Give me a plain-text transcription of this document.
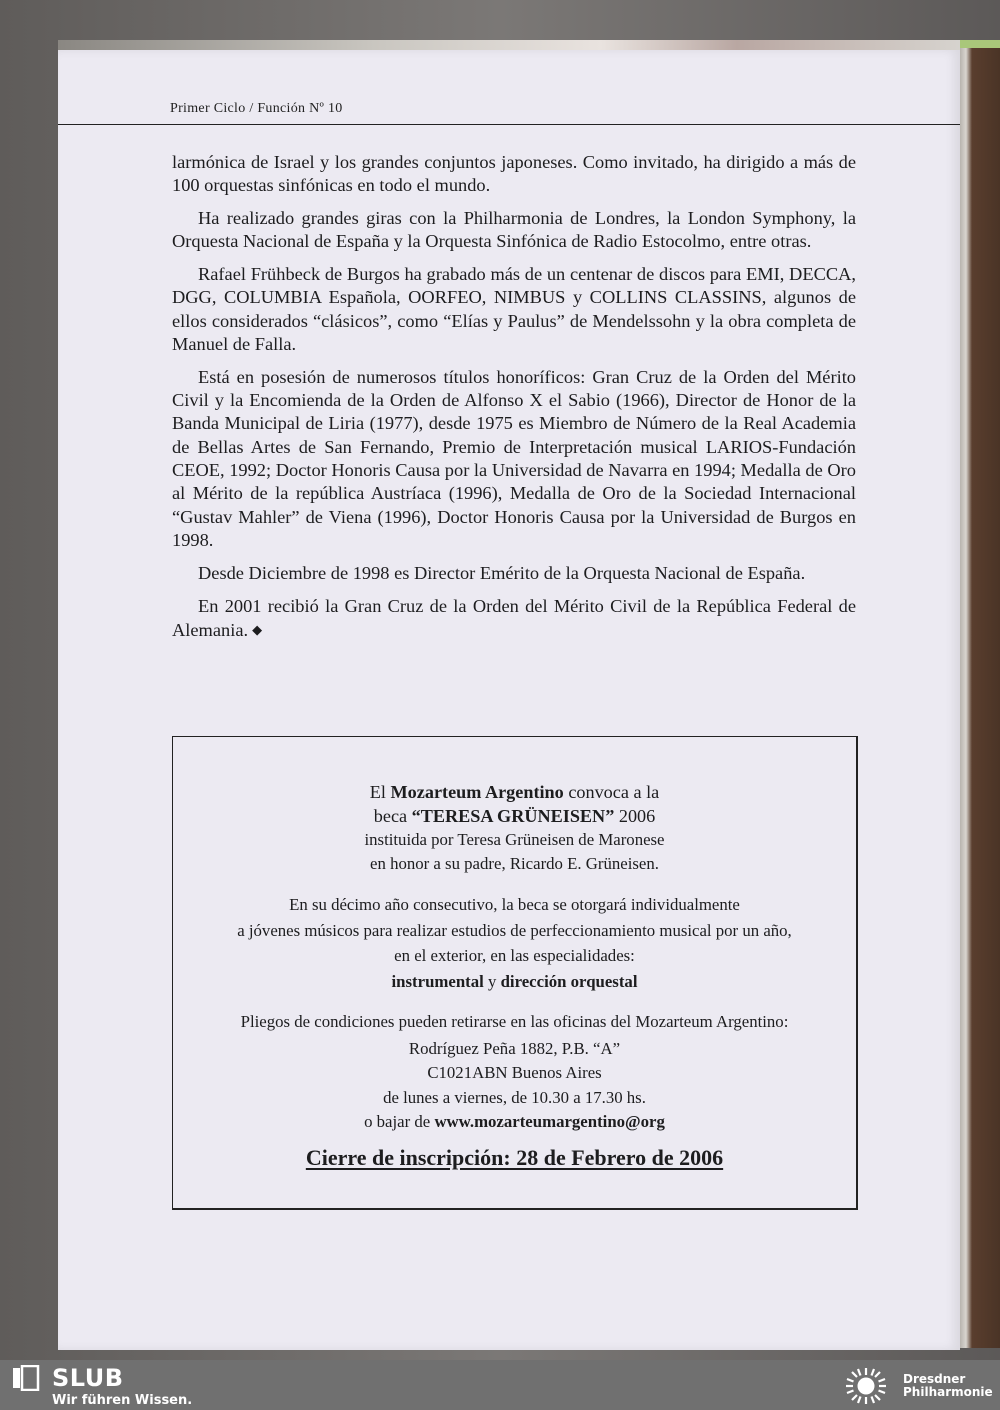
Primer Ciclo / Función Nº 10

larmónica de Israel y los grandes conjuntos japoneses. Como invitado, ha dirigido a más de 100 orquestas sinfónicas en todo el mundo.

Ha realizado grandes giras con la Philharmonia de Londres, la London Symphony, la Orquesta Nacional de España y la Orquesta Sinfónica de Radio Estocolmo, entre otras.

Rafael Frühbeck de Burgos ha grabado más de un centenar de discos para EMI, DECCA, DGG, COLUMBIA Española, OORFEO, NIMBUS y COLLINS CLASSINS, algunos de ellos considerados “clásicos”, como “Elías y Paulus” de Mendelssohn y la obra completa de Manuel de Falla.

Está en posesión de numerosos títulos honoríficos: Gran Cruz de la Orden del Mérito Civil y la Encomienda de la Orden de Alfonso X el Sabio (1966), Director de Honor de la Banda Municipal de Liria (1977), desde 1975 es Miembro de Número de la Real Academia de Bellas Artes de San Fernando, Premio de Interpretación musical LARIOS-Fundación CEOE, 1992; Doctor Honoris Causa por la Universidad de Navarra en 1994; Medalla de Oro al Mérito de la república Austríaca (1996), Medalla de Oro de la Sociedad Internacional “Gustav Mahler” de Viena (1996), Doctor Honoris Causa por la Universidad de Burgos en 1998.

Desde Diciembre de 1998 es Director Emérito de la Orquesta Nacional de España.

En 2001 recibió la Gran Cruz de la Orden del Mérito Civil de la República Federal de Alemania. ◆

El Mozarteum Argentino convoca a la
beca “TERESA GRÜNEISEN” 2006
instituida por Teresa Grüneisen de Maronese
en honor a su padre, Ricardo E. Grüneisen.
En su décimo año consecutivo, la beca se otorgará individualmente
a jóvenes músicos para realizar estudios de perfeccionamiento musical por un año,
en el exterior, en las especialidades:
instrumental y dirección orquestal
Pliegos de condiciones pueden retirarse en las oficinas del Mozarteum Argentino:
Rodríguez Peña 1882, P.B. “A”
C1021ABN Buenos Aires
de lunes a viernes, de 10.30 a 17.30 hs.
o bajar de www.mozarteumargentino@org
Cierre de inscripción: 28 de Febrero de 2006
SLUB
Wir führen Wissen.
Dresdner
Philharmonie
